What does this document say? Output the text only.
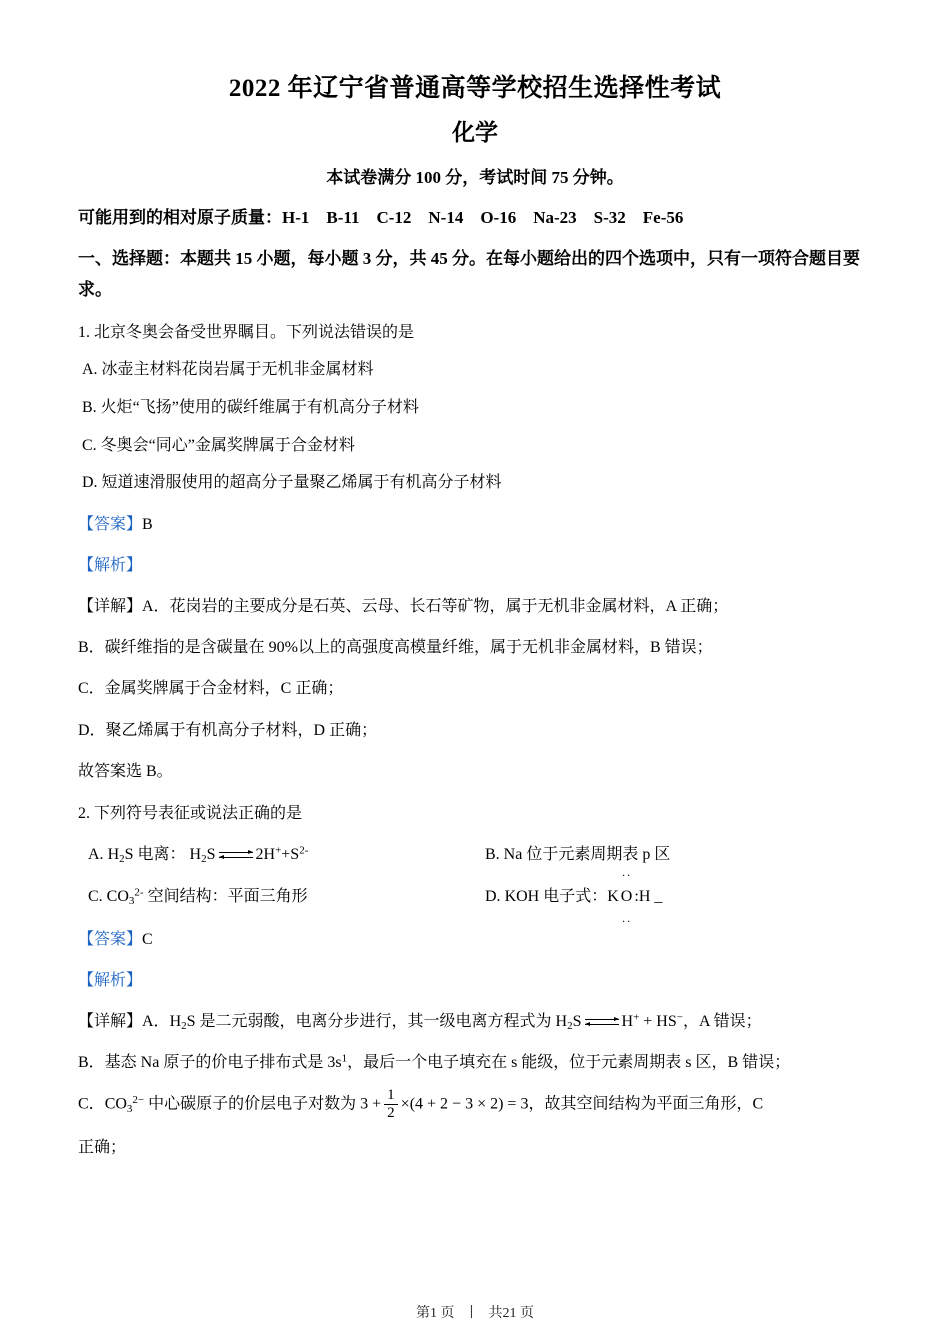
2022 年辽宁省普通高等学校招生选择性考试
化学
本试卷满分 100 分，考试时间 75 分钟。
可能用到的相对原子质量：H-1　B-11　C-12　N-14　O-16　Na-23　S-32　Fe-56
一、选择题：本题共 15 小题，每小题 3 分，共 45 分。在每小题给出的四个选项中，只有一项符合题目要求。
1. 北京冬奥会备受世界瞩目。下列说法错误的是
A. 冰壶主材料花岗岩属于无机非金属材料
B. 火炬“飞扬”使用的碳纤维属于有机高分子材料
C. 冬奥会“同心”金属奖牌属于合金材料
D. 短道速滑服使用的超高分子量聚乙烯属于有机高分子材料
【答案】B
【解析】
【详解】A．花岗岩的主要成分是石英、云母、长石等矿物，属于无机非金属材料，A 正确；
B．碳纤维指的是含碳量在 90%以上的高强度高模量纤维，属于无机非金属材料，B 错误；
C．金属奖牌属于合金材料，C 正确；
D．聚乙烯属于有机高分子材料，D 正确；
故答案选 B。
2. 下列符号表征或说法正确的是
A. $H_2S$ 电离： $H_2S$ ⇌ $2H^++S^{2-}$	B. Na 位于元素周期表 p 区
C. $CO_3^{2-}$ 空间结构：平面三角形	D. KOH 电子式：K
··
O
··
:H _
【答案】C
【解析】
【详解】A．$H_2S$ 是二元弱酸，电离分步进行，其一级电离方程式为 $H_2S$ ⇌ H+ + HS−，A 错误；
B．基态 Na 原子的价电子排布式是 $3s^1$，最后一个电子填充在 s 能级，位于元素周期表 s 区，B 错误；
C．$CO_3^{2-}$ 中心碳原子的价层电子对数为 $3 + \frac{1}{2} \times(4 + 2 - 3 \times 2) = 3$，故其空间结构为平面三角形，C
正确；
第1 页 丨 共21 页
